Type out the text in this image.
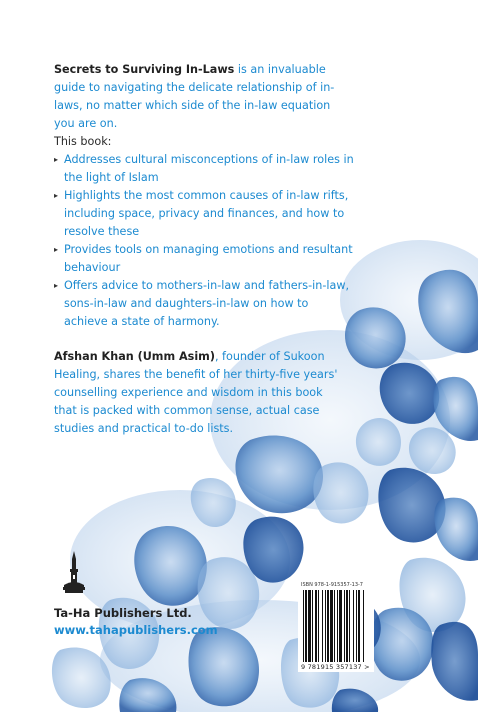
Secrets to Surviving In-Laws is an invaluable guide to navigating the delicate relationship of in-laws, no matter which side of the in-law equation you are on.

This book:

▸ Addresses cultural misconceptions of in-law roles in the light of Islam
▸ Highlights the most common causes of in-law rifts, including space, privacy and finances, and how to resolve these
▸ Provides tools on managing emotions and resultant behaviour
▸ Offers advice to mothers-in-law and fathers-in-law, sons-in-law and daughters-in-law on how to achieve a state of harmony.

Afshan Khan (Umm Asim), founder of Sukoon Healing, shares the benefit of her thirty-five years' counselling experience and wisdom in this book that is packed with common sense, actual case studies and practical to-do lists.

Ta-Ha Publishers Ltd.
www.tahapublishers.com
ISBN 978-1-915357-13-7
9 781915 357137 >
